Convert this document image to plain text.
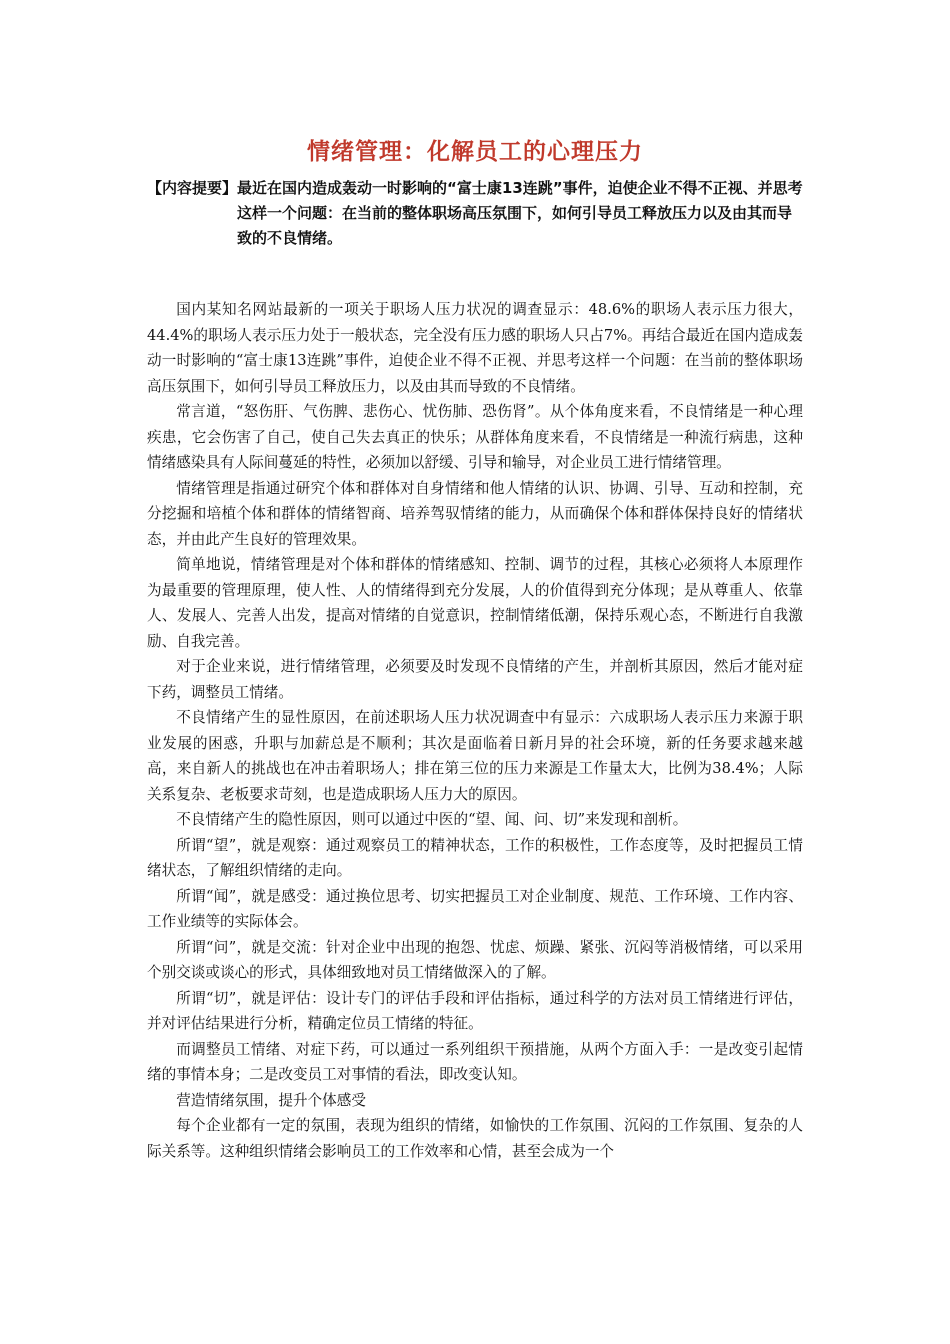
情绪管理：化解员工的心理压力
【内容提要】 最近在国内造成轰动一时影响的“富士康13连跳”事件，迫使企业不得不正视、并思考这样一个问题：在当前的整体职场高压氛围下，如何引导员工释放压力以及由其而导致的不良情绪。

国内某知名网站最新的一项关于职场人压力状况的调查显示：48.6%的职场人表示压力很大，44.4%的职场人表示压力处于一般状态，完全没有压力感的职场人只占7%。再结合最近在国内造成轰动一时影响的“富士康13连跳”事件，迫使企业不得不正视、并思考这样一个问题：在当前的整体职场高压氛围下，如何引导员工释放压力，以及由其而导致的不良情绪。

常言道，“怒伤肝、气伤脾、悲伤心、忧伤肺、恐伤肾”。从个体角度来看，不良情绪是一种心理疾患，它会伤害了自己，使自己失去真正的快乐；从群体角度来看，不良情绪是一种流行病患，这种情绪感染具有人际间蔓延的特性，必须加以舒缓、引导和输导，对企业员工进行情绪管理。

情绪管理是指通过研究个体和群体对自身情绪和他人情绪的认识、协调、引导、互动和控制，充分挖掘和培植个体和群体的情绪智商、培养驾驭情绪的能力，从而确保个体和群体保持良好的情绪状态，并由此产生良好的管理效果。

简单地说，情绪管理是对个体和群体的情绪感知、控制、调节的过程，其核心必须将人本原理作为最重要的管理原理，使人性、人的情绪得到充分发展，人的价值得到充分体现；是从尊重人、依靠人、发展人、完善人出发，提高对情绪的自觉意识，控制情绪低潮，保持乐观心态，不断进行自我激励、自我完善。

对于企业来说，进行情绪管理，必须要及时发现不良情绪的产生，并剖析其原因，然后才能对症下药，调整员工情绪。

不良情绪产生的显性原因，在前述职场人压力状况调查中有显示：六成职场人表示压力来源于职业发展的困惑，升职与加薪总是不顺利；其次是面临着日新月异的社会环境，新的任务要求越来越高，来自新人的挑战也在冲击着职场人；排在第三位的压力来源是工作量太大，比例为38.4%；人际关系复杂、老板要求苛刻，也是造成职场人压力大的原因。

不良情绪产生的隐性原因，则可以通过中医的“望、闻、问、切”来发现和剖析。

所谓“望”，就是观察：通过观察员工的精神状态，工作的积极性，工作态度等，及时把握员工情绪状态，了解组织情绪的走向。

所谓“闻”，就是感受：通过换位思考、切实把握员工对企业制度、规范、工作环境、工作内容、工作业绩等的实际体会。

所谓“问”，就是交流：针对企业中出现的抱怨、忧虑、烦躁、紧张、沉闷等消极情绪，可以采用个别交谈或谈心的形式，具体细致地对员工情绪做深入的了解。

所谓“切”，就是评估：设计专门的评估手段和评估指标，通过科学的方法对员工情绪进行评估，并对评估结果进行分析，精确定位员工情绪的特征。

而调整员工情绪、对症下药，可以通过一系列组织干预措施，从两个方面入手：一是改变引起情绪的事情本身；二是改变员工对事情的看法，即改变认知。

营造情绪氛围，提升个体感受

每个企业都有一定的氛围，表现为组织的情绪，如愉快的工作氛围、沉闷的工作氛围、复杂的人际关系等。这种组织情绪会影响员工的工作效率和心情，甚至会成为一个
